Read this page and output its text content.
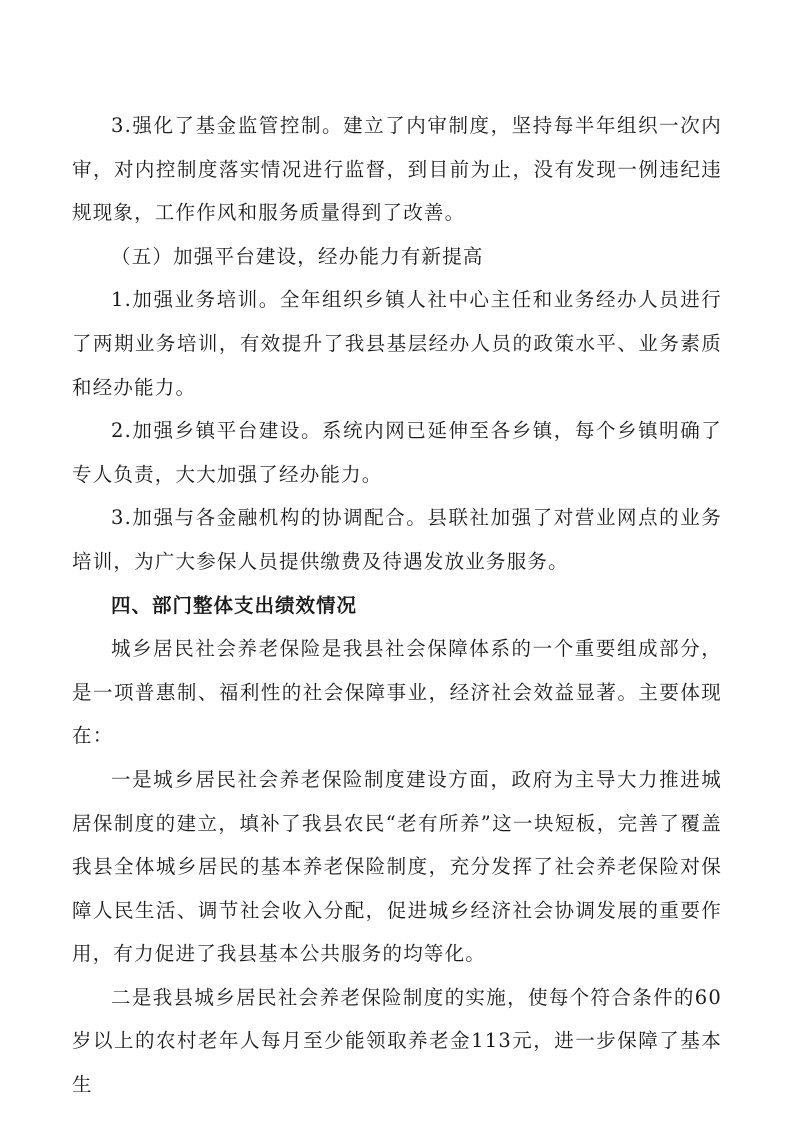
3.强化了基金监管控制。建立了内审制度，坚持每半年组织一次内审，对内控制度落实情况进行监督，到目前为止，没有发现一例违纪违规现象，工作作风和服务质量得到了改善。

（五）加强平台建设，经办能力有新提高

1.加强业务培训。全年组织乡镇人社中心主任和业务经办人员进行了两期业务培训，有效提升了我县基层经办人员的政策水平、业务素质和经办能力。

2.加强乡镇平台建设。系统内网已延伸至各乡镇，每个乡镇明确了专人负责，大大加强了经办能力。

3.加强与各金融机构的协调配合。县联社加强了对营业网点的业务培训，为广大参保人员提供缴费及待遇发放业务服务。

四、部门整体支出绩效情况

城乡居民社会养老保险是我县社会保障体系的一个重要组成部分，是一项普惠制、福利性的社会保障事业，经济社会效益显著。主要体现在：

一是城乡居民社会养老保险制度建设方面，政府为主导大力推进城居保制度的建立，填补了我县农民“老有所养”这一块短板，完善了覆盖我县全体城乡居民的基本养老保险制度，充分发挥了社会养老保险对保障人民生活、调节社会收入分配，促进城乡经济社会协调发展的重要作用，有力促进了我县基本公共服务的均等化。

二是我县城乡居民社会养老保险制度的实施，使每个符合条件的60岁以上的农村老年人每月至少能领取养老金113元，进一步保障了基本生
